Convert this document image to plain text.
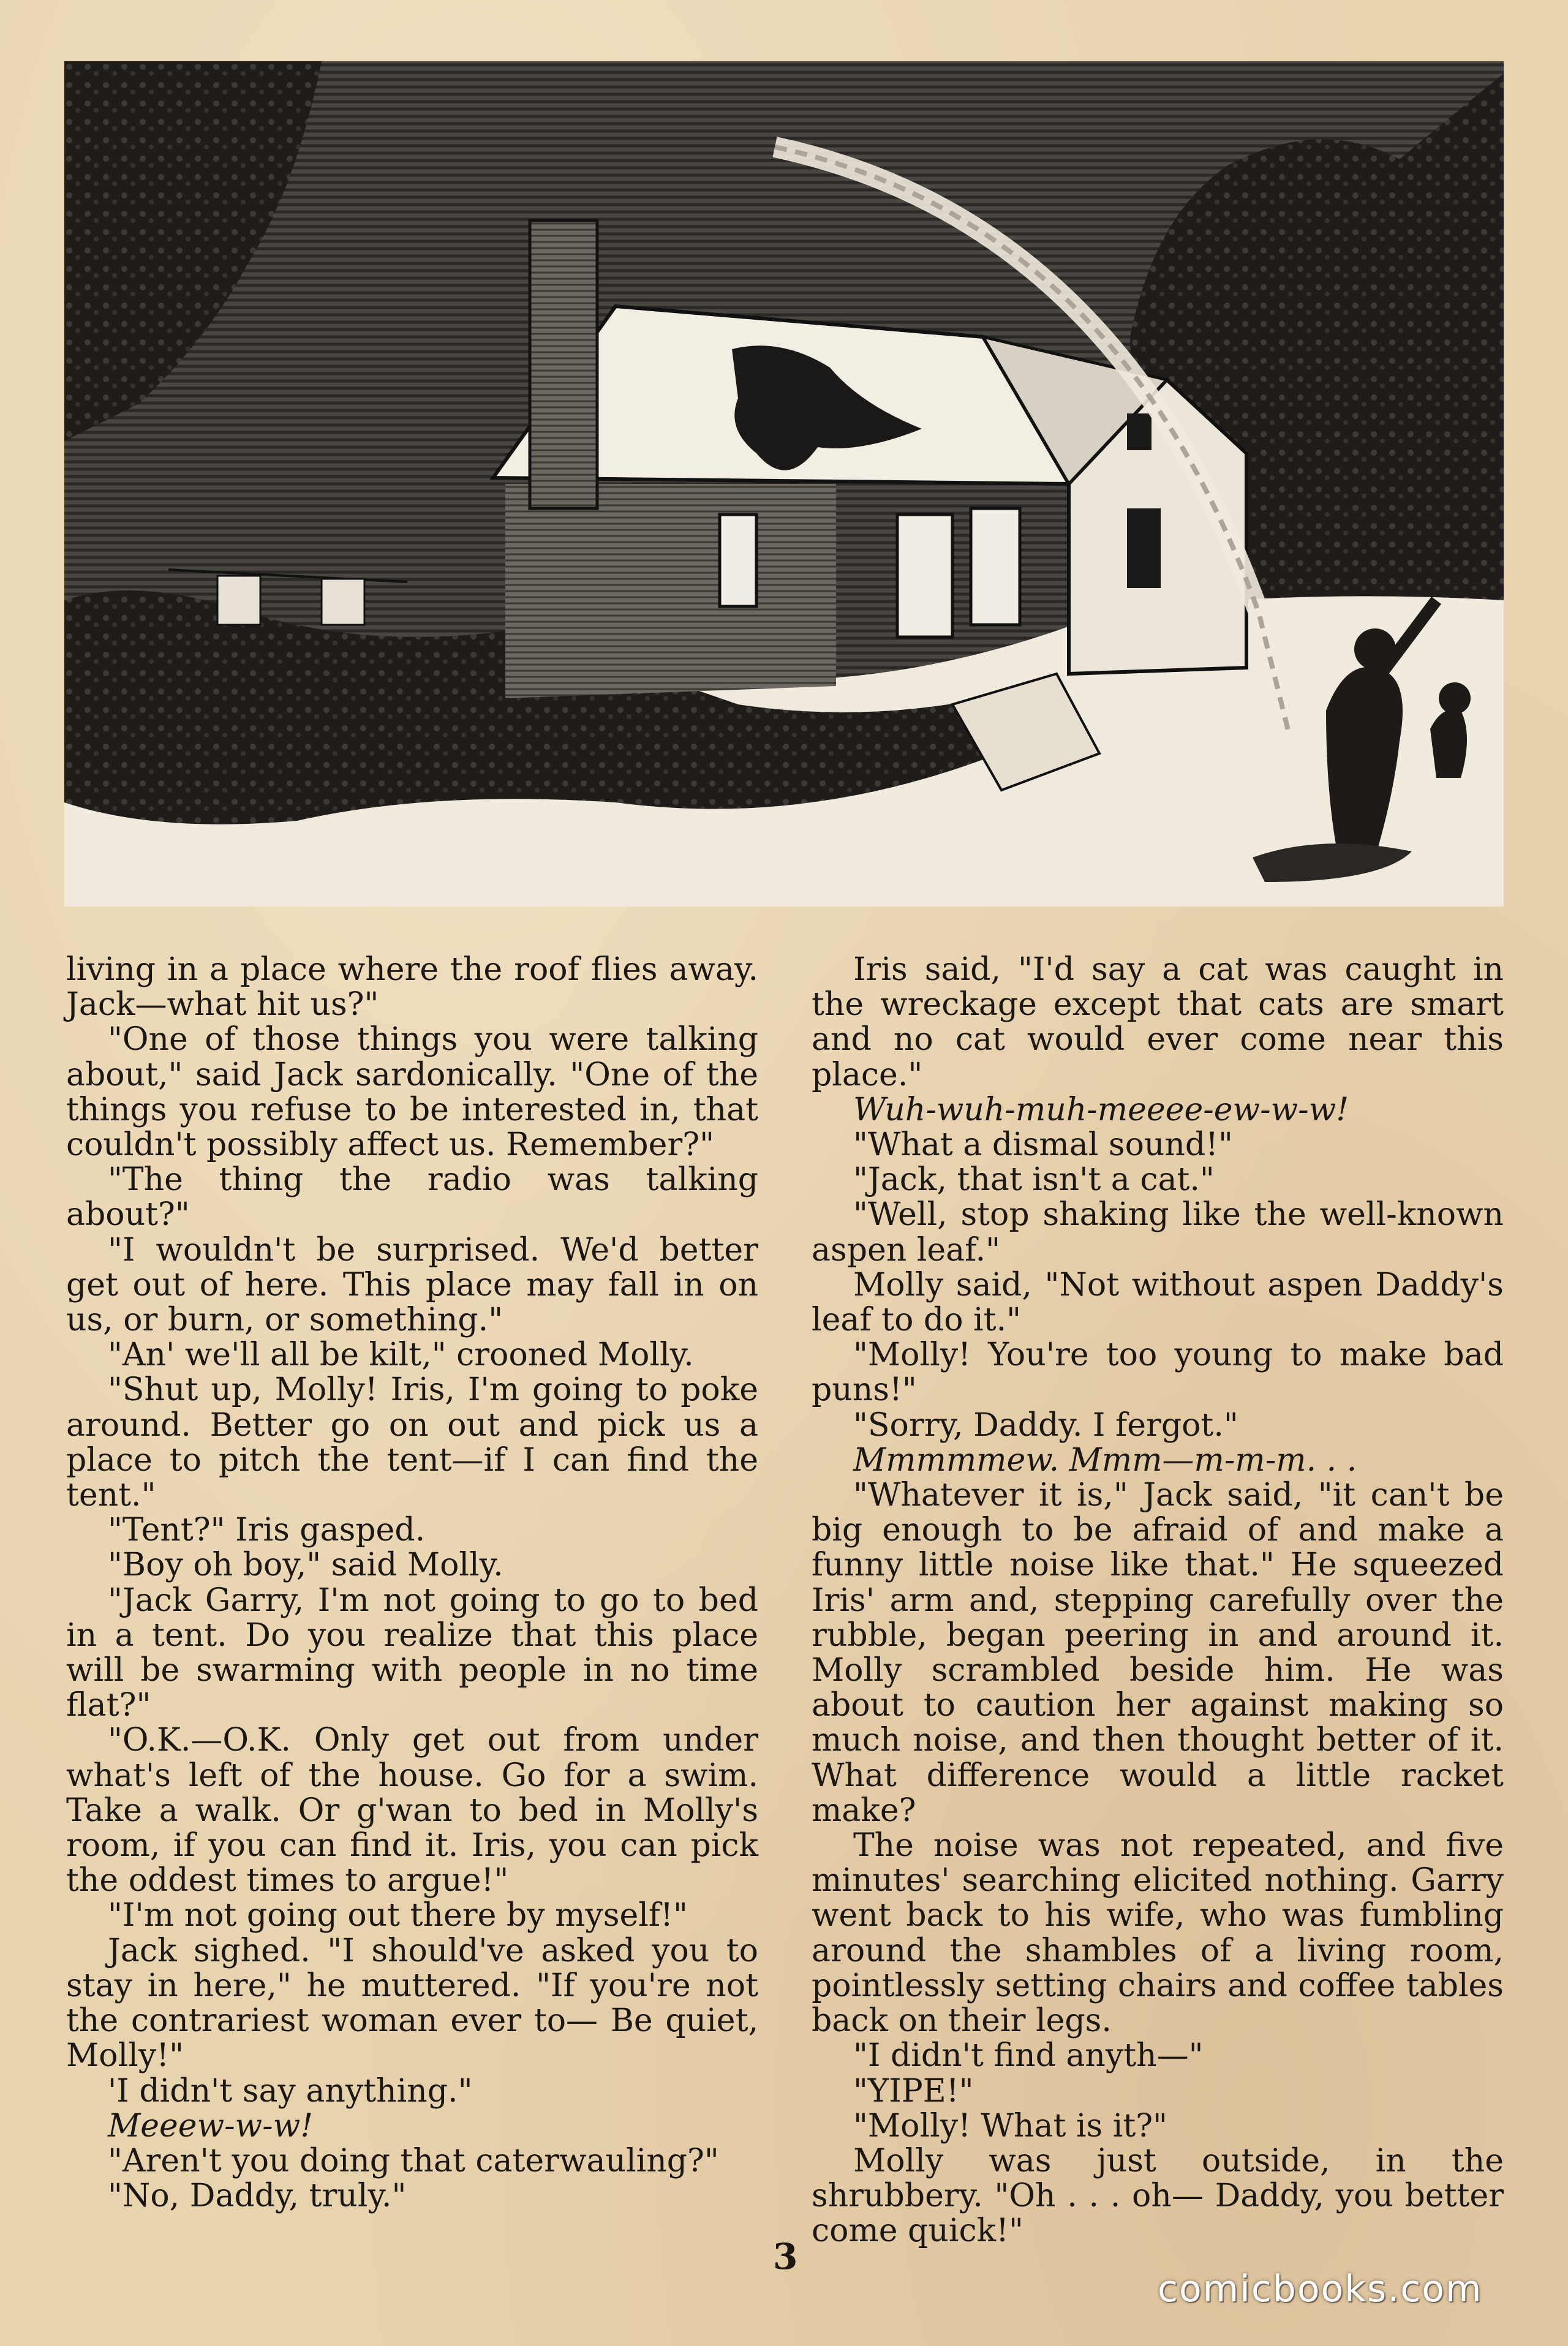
living in a place where the roof flies away. Jack—what hit us?"

"One of those things you were talking about," said Jack sardonically. "One of the things you refuse to be interested in, that couldn't possibly affect us. Remember?"

"The thing the radio was talking about?"

"I wouldn't be surprised. We'd better get out of here. This place may fall in on us, or burn, or something."

"An' we'll all be kilt," crooned Molly.

"Shut up, Molly! Iris, I'm going to poke around. Better go on out and pick us a place to pitch the tent—if I can find the tent."

"Tent?" Iris gasped.

"Boy oh boy," said Molly.

"Jack Garry, I'm not going to go to bed in a tent. Do you realize that this place will be swarming with people in no time flat?"

"O.K.—O.K. Only get out from under what's left of the house. Go for a swim. Take a walk. Or g'wan to bed in Molly's room, if you can find it. Iris, you can pick the oddest times to argue!"

"I'm not going out there by myself!"

Jack sighed. "I should've asked you to stay in here," he muttered. "If you're not the contrariest woman ever to— Be quiet, Molly!"

'I didn't say anything."

Meeew-w-w!

"Aren't you doing that caterwauling?"

"No, Daddy, truly."

Iris said, "I'd say a cat was caught in the wreckage except that cats are smart and no cat would ever come near this place."

Wuh-wuh-muh-meeee-ew-w-w!

"What a dismal sound!"

"Jack, that isn't a cat."

"Well, stop shaking like the well-known aspen leaf."

Molly said, "Not without aspen Daddy's leaf to do it."

"Molly! You're too young to make bad puns!"

"Sorry, Daddy. I fergot."

Mmmmmew. Mmm—m-m-m. . .

"Whatever it is," Jack said, "it can't be big enough to be afraid of and make a funny little noise like that." He squeezed Iris' arm and, stepping carefully over the rubble, began peering in and around it. Molly scrambled beside him. He was about to caution her against making so much noise, and then thought better of it. What difference would a little racket make?

The noise was not repeated, and five minutes' searching elicited nothing. Garry went back to his wife, who was fumbling around the shambles of a living room, pointlessly setting chairs and coffee tables back on their legs.

"I didn't find anyth—"

"YIPE!"

"Molly! What is it?"

Molly was just outside, in the shrubbery. "Oh . . . oh— Daddy, you better come quick!"

3
comicbooks.com
